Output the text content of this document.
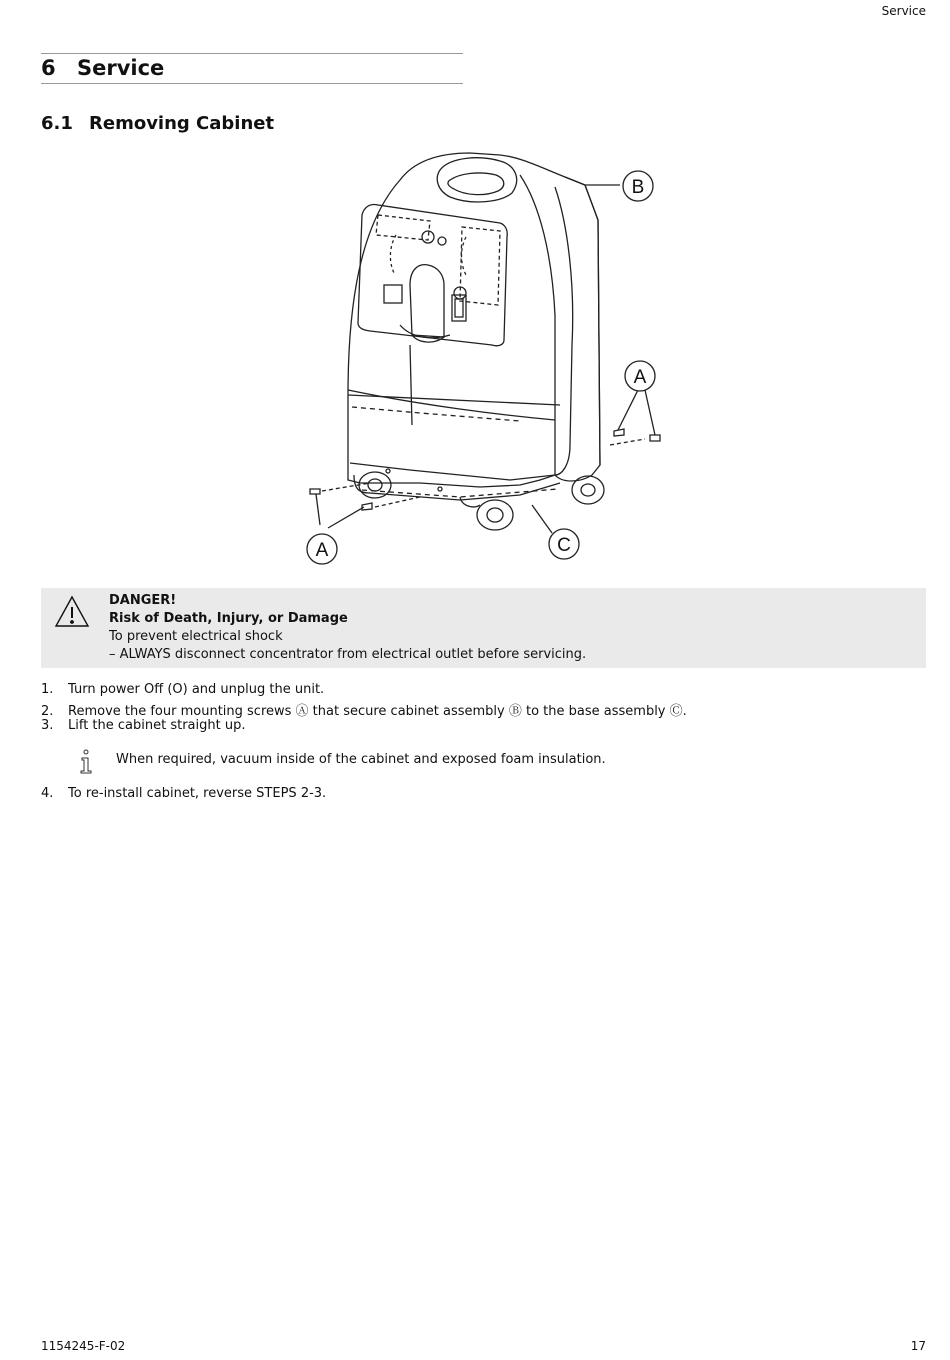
Service
6 Service
6.1 Removing Cabinet
B
A
A	C
DANGER!
Risk of Death, Injury, or Damage
To prevent electrical shock
– ALWAYS disconnect concentrator from electrical outlet before servicing.
1. Turn power Off (O) and unplug the unit.
2. Remove the four mounting screws Ⓐ that secure cabinet assembly Ⓑ to the base assembly Ⓒ.
3. Lift the cabinet straight up.
4. To re-install cabinet, reverse STEPS 2-3.
When required, vacuum inside of the cabinet and exposed foam insulation.
1154245-F-02	17
